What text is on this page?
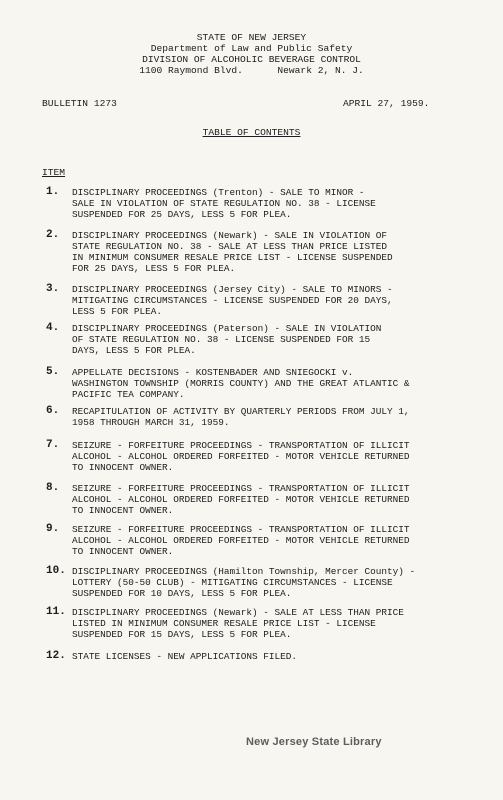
STATE OF NEW JERSEY
Department of Law and Public Safety
DIVISION OF ALCOHOLIC BEVERAGE CONTROL
1100 Raymond Blvd.      Newark 2, N. J.
BULLETIN 1273	APRIL 27, 1959.
TABLE OF CONTENTS
ITEM
1.	DISCIPLINARY PROCEEDINGS (Trenton) - SALE TO MINOR -
SALE IN VIOLATION OF STATE REGULATION NO. 38 - LICENSE
SUSPENDED FOR 25 DAYS, LESS 5 FOR PLEA.
2.	DISCIPLINARY PROCEEDINGS (Newark) - SALE IN VIOLATION OF
STATE REGULATION NO. 38 - SALE AT LESS THAN PRICE LISTED
IN MINIMUM CONSUMER RESALE PRICE LIST - LICENSE SUSPENDED
FOR 25 DAYS, LESS 5 FOR PLEA.
3.	DISCIPLINARY PROCEEDINGS (Jersey City) - SALE TO MINORS -
MITIGATING CIRCUMSTANCES - LICENSE SUSPENDED FOR 20 DAYS,
LESS 5 FOR PLEA.
4.	DISCIPLINARY PROCEEDINGS (Paterson) - SALE IN VIOLATION
OF STATE REGULATION NO. 38 - LICENSE SUSPENDED FOR 15
DAYS, LESS 5 FOR PLEA.
5.	APPELLATE DECISIONS - KOSTENBADER AND SNIEGOCKI v.
WASHINGTON TOWNSHIP (MORRIS COUNTY) AND THE GREAT ATLANTIC &
PACIFIC TEA COMPANY.
6.	RECAPITULATION OF ACTIVITY BY QUARTERLY PERIODS FROM JULY 1,
1958 THROUGH MARCH 31, 1959.
7.	SEIZURE - FORFEITURE PROCEEDINGS - TRANSPORTATION OF ILLICIT
ALCOHOL - ALCOHOL ORDERED FORFEITED - MOTOR VEHICLE RETURNED
TO INNOCENT OWNER.
8.	SEIZURE - FORFEITURE PROCEEDINGS - TRANSPORTATION OF ILLICIT
ALCOHOL - ALCOHOL ORDERED FORFEITED - MOTOR VEHICLE RETURNED
TO INNOCENT OWNER.
9.	SEIZURE - FORFEITURE PROCEEDINGS - TRANSPORTATION OF ILLICIT
ALCOHOL - ALCOHOL ORDERED FORFEITED - MOTOR VEHICLE RETURNED
TO INNOCENT OWNER.
10. DISCIPLINARY PROCEEDINGS (Hamilton Township, Mercer County) -
LOTTERY (50-50 CLUB) - MITIGATING CIRCUMSTANCES - LICENSE
SUSPENDED FOR 10 DAYS, LESS 5 FOR PLEA.
11. DISCIPLINARY PROCEEDINGS (Newark) - SALE AT LESS THAN PRICE
LISTED IN MINIMUM CONSUMER RESALE PRICE LIST - LICENSE
SUSPENDED FOR 15 DAYS, LESS 5 FOR PLEA.
12. STATE LICENSES - NEW APPLICATIONS FILED.
New Jersey State Library
